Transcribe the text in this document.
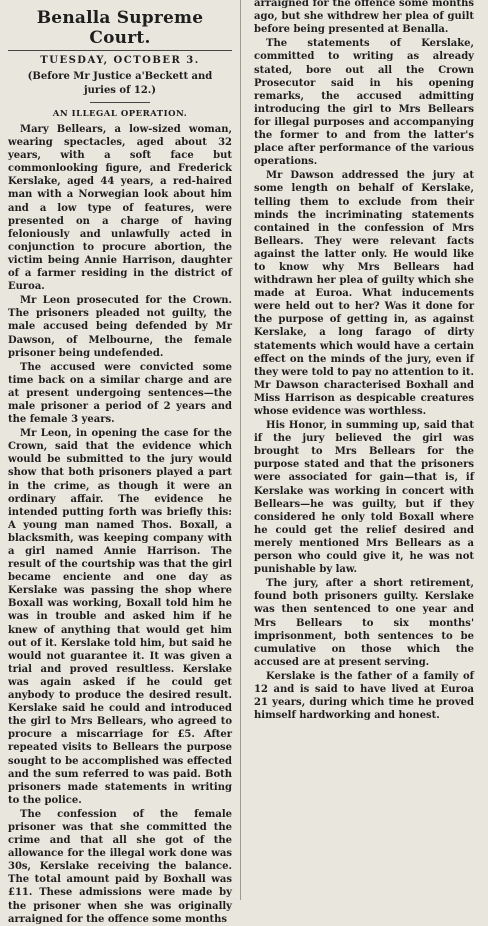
Benalla Supreme Court.
TUESDAY, OCTOBER 3.
(Before Mr Justice a'Beckett and juries of 12.)
AN ILLEGAL OPERATION.

Mary Bellears, a low-sized woman, wearing spectacles, aged about 32 years, with a soft face but commonlooking figure, and Frederick Kerslake, aged 44 years, a red-haired man with a Norwegian look about him and a low type of features, were presented on a charge of having feloniously and unlawfully acted in conjunction to procure abortion, the victim being Annie Harrison, daughter of a farmer residing in the district of Euroa.

Mr Leon prosecuted for the Crown. The prisoners pleaded not guilty, the male accused being defended by Mr Dawson, of Melbourne, the female prisoner being undefended.

The accused were convicted some time back on a similar charge and are at present undergoing sentences—the male prisoner a period of 2 years and the female 3 years.

Mr Leon, in opening the case for the Crown, said that the evidence which would be submitted to the jury would show that both prisoners played a part in the crime, as though it were an ordinary affair. The evidence he intended putting forth was briefly this: A young man named Thos. Boxall, a blacksmith, was keeping company with a girl named Annie Harrison. The result of the courtship was that the girl became enciente and one day as Kerslake was passing the shop where Boxall was working, Boxall told him he was in trouble and asked him if he knew of anything that would get him out of it. Kerslake told him, but said he would not guarantee it. It was given a trial and proved resultless. Kerslake was again asked if he could get anybody to produce the desired result. Kerslake said he could and introduced the girl to Mrs Bellears, who agreed to procure a miscarriage for £5. After repeated visits to Bellears the purpose sought to be accomplished was effected and the sum referred to was paid. Both prisoners made statements in writing to the police.

The confession of the female prisoner was that she committed the crime and that all she got of the allowance for the illegal work done was 30s, Kerslake receiving the balance. The total amount paid by Boxhall was £11. These admissions were made by the prisoner when she was originally arraigned for the offence some months

arraigned for the offence some months ago, but she withdrew her plea of guilt before being presented at Benalla.

The statements of Kerslake, committed to writing as already stated, bore out all the Crown Prosecutor said in his opening remarks, the accused admitting introducing the girl to Mrs Bellears for illegal purposes and accompanying the former to and from the latter's place after performance of the various operations.

Mr Dawson addressed the jury at some length on behalf of Kerslake, telling them to exclude from their minds the incriminating statements contained in the confession of Mrs Bellears. They were relevant facts against the latter only. He would like to know why Mrs Bellears had withdrawn her plea of guilty which she made at Euroa. What inducements were held out to her? Was it done for the purpose of getting in, as against Kerslake, a long farago of dirty statements which would have a certain effect on the minds of the jury, even if they were told to pay no attention to it. Mr Dawson characterised Boxhall and Miss Harrison as despicable creatures whose evidence was worthless.

His Honor, in summing up, said that if the jury believed the girl was brought to Mrs Bellears for the purpose stated and that the prisoners were associated for gain—that is, if Kerslake was working in concert with Bellears—he was guilty, but if they considered he only told Boxall where he could get the relief desired and merely mentioned Mrs Bellears as a person who could give it, he was not punishable by law.

The jury, after a short retirement, found both prisoners guilty. Kerslake was then sentenced to one year and Mrs Bellears to six months' imprisonment, both sentences to be cumulative on those which the accused are at present serving.

Kerslake is the father of a family of 12 and is said to have lived at Euroa 21 years, during which time he proved himself hardworking and honest.
